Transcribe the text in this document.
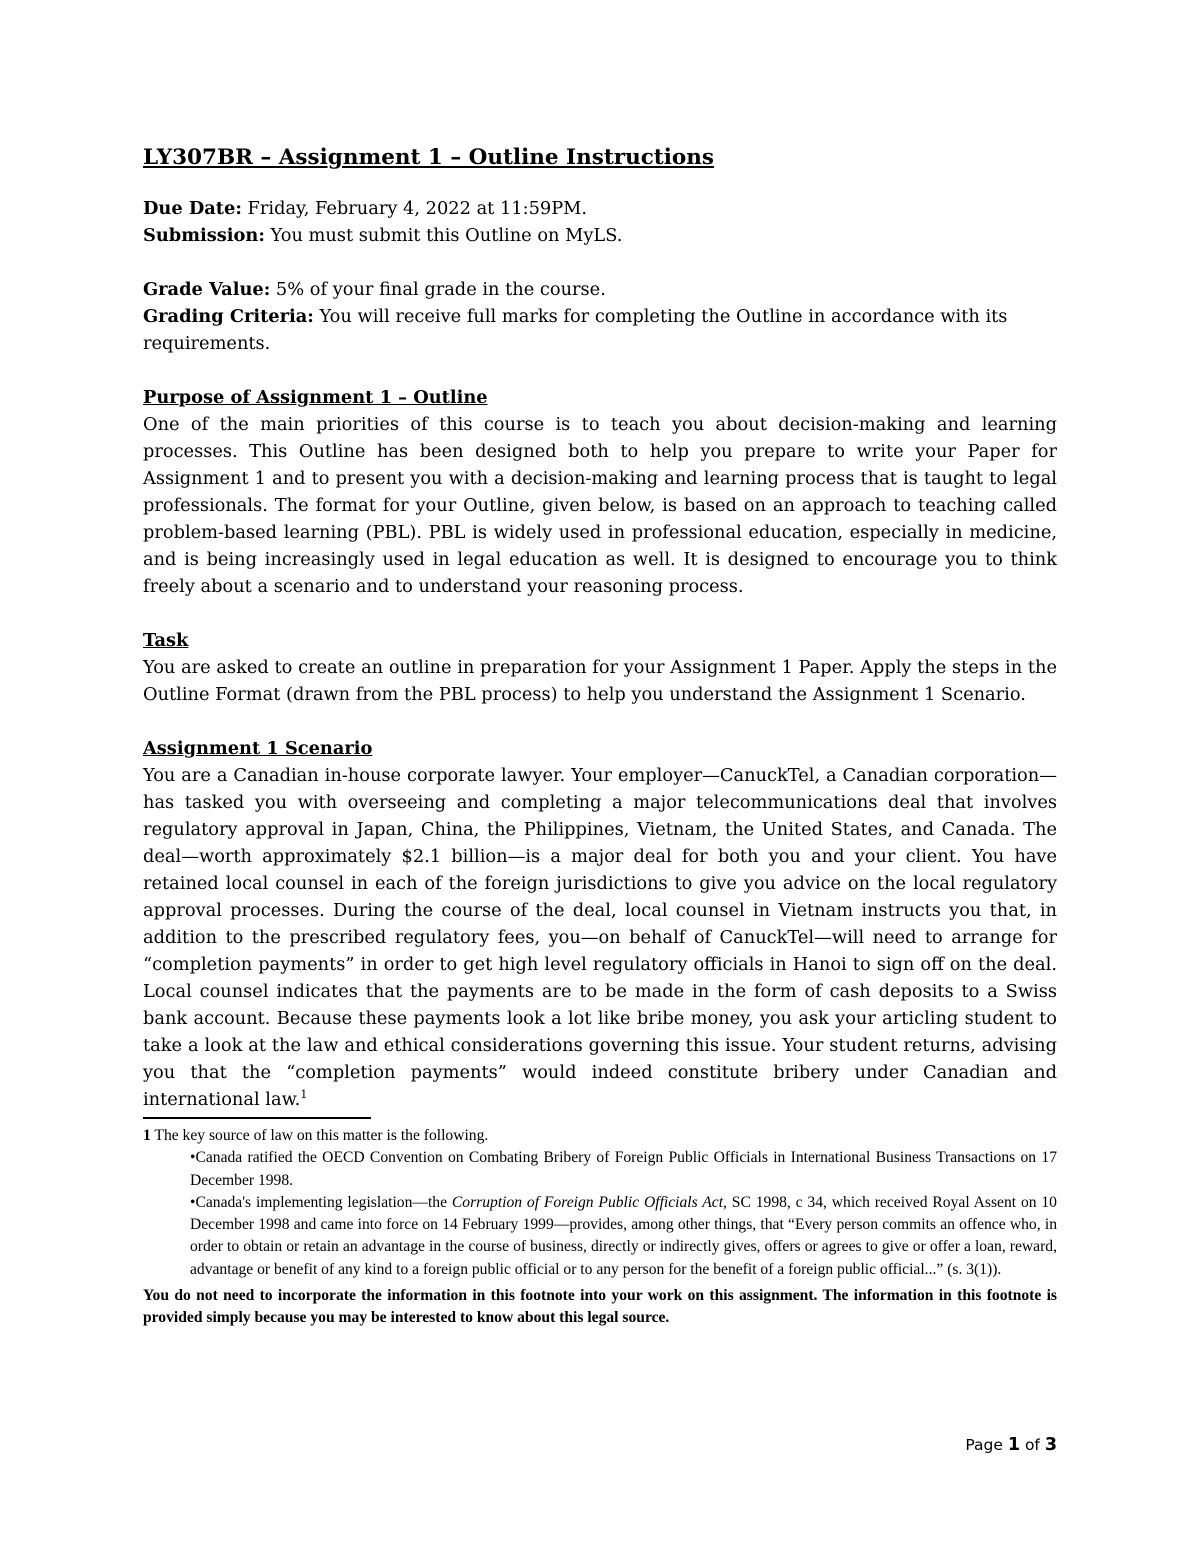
LY307BR – Assignment 1 – Outline Instructions

Due Date: Friday, February 4, 2022 at 11:59PM.

Submission: You must submit this Outline on MyLS.

Grade Value: 5% of your final grade in the course.

Grading Criteria: You will receive full marks for completing the Outline in accordance with its requirements.

Purpose of Assignment 1 – Outline

One of the main priorities of this course is to teach you about decision-making and learning processes. This Outline has been designed both to help you prepare to write your Paper for Assignment 1 and to present you with a decision-making and learning process that is taught to legal professionals. The format for your Outline, given below, is based on an approach to teaching called problem-based learning (PBL). PBL is widely used in professional education, especially in medicine, and is being increasingly used in legal education as well. It is designed to encourage you to think freely about a scenario and to understand your reasoning process.

Task

You are asked to create an outline in preparation for your Assignment 1 Paper. Apply the steps in the Outline Format (drawn from the PBL process) to help you understand the Assignment 1 Scenario.

Assignment 1 Scenario

You are a Canadian in-house corporate lawyer. Your employer—CanuckTel, a Canadian corporation—has tasked you with overseeing and completing a major telecommunications deal that involves regulatory approval in Japan, China, the Philippines, Vietnam, the United States, and Canada. The deal—worth approximately $2.1 billion—is a major deal for both you and your client. You have retained local counsel in each of the foreign jurisdictions to give you advice on the local regulatory approval processes. During the course of the deal, local counsel in Vietnam instructs you that, in addition to the prescribed regulatory fees, you—on behalf of CanuckTel—will need to arrange for “completion payments” in order to get high level regulatory officials in Hanoi to sign off on the deal. Local counsel indicates that the payments are to be made in the form of cash deposits to a Swiss bank account. Because these payments look a lot like bribe money, you ask your articling student to take a look at the law and ethical considerations governing this issue. Your student returns, advising you that the “completion payments” would indeed constitute bribery under Canadian and international law.$^1$

1 The key source of law on this matter is the following.

•Canada ratified the OECD Convention on Combating Bribery of Foreign Public Officials in International Business Transactions on 17 December 1998.

•Canada's implementing legislation—the Corruption of Foreign Public Officials Act, SC 1998, c 34, which received Royal Assent on 10 December 1998 and came into force on 14 February 1999—provides, among other things, that “Every person commits an offence who, in order to obtain or retain an advantage in the course of business, directly or indirectly gives, offers or agrees to give or offer a loan, reward, advantage or benefit of any kind to a foreign public official or to any person for the benefit of a foreign public official...” (s. 3(1)).

You do not need to incorporate the information in this footnote into your work on this assignment. The information in this footnote is provided simply because you may be interested to know about this legal source.

Page 1 of 3
